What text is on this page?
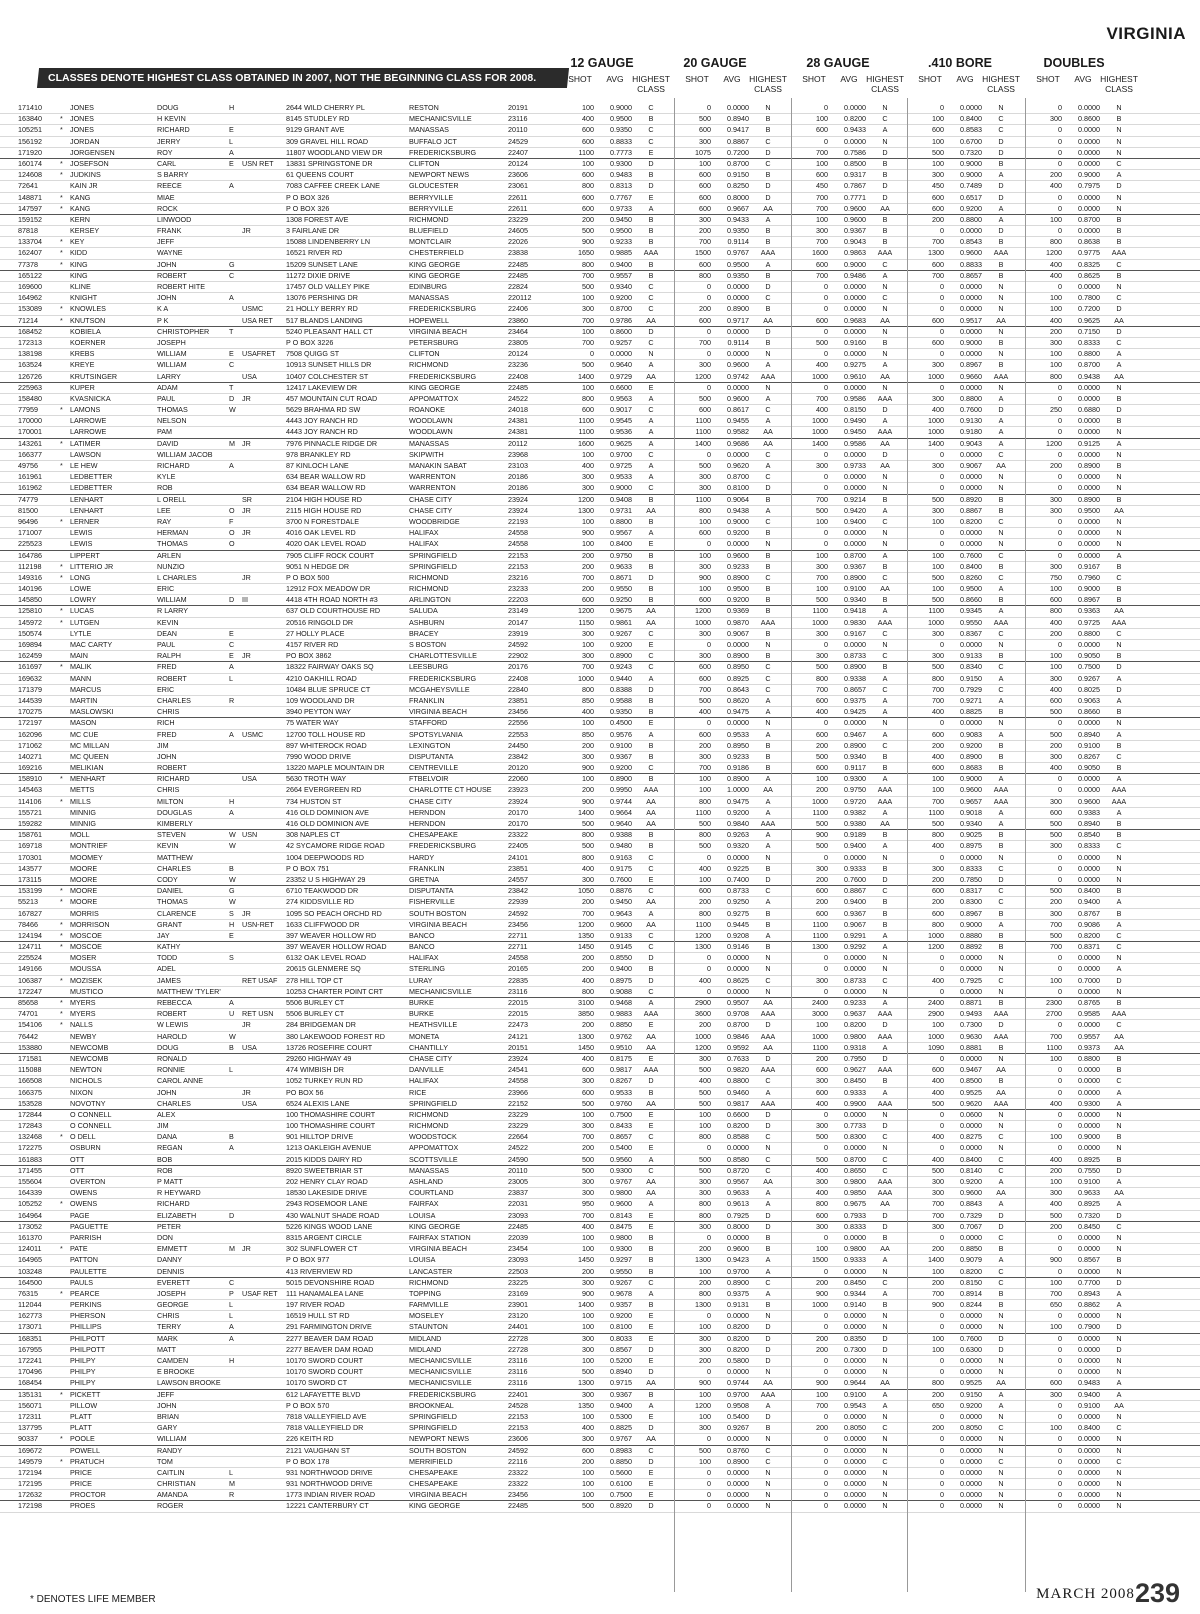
VIRGINIA
CLASSES DENOTE HIGHEST CLASS OBTAINED IN 2007, NOT THE BEGINNING CLASS FOR 2008.
12 GAUGE
SHOT	AVG HIGHEST CLASS
20 GAUGE
SHOT	AVG HIGHEST CLASS
28 GAUGE
SHOT	AVG HIGHEST CLASS
.410 BORE
SHOT	AVG HIGHEST CLASS
DOUBLES
SHOT	AVG HIGHEST CLASS
171410	JONES	DOUG	H	2644 WILD CHERRY PL	RESTON	20191	100	0.9000	C	0	0.0000	N	0	0.0000	N	0	0.0000	N	0	0.0000	N
163840	* JONES	H KEVIN	8145 STUDLEY RD	MECHANICSVILLE	23116	400	0.9500	B	500	0.8940	B	100	0.8200	C	100	0.8400	C	300	0.8600	B
105251	* JONES	RICHARD	E	9129 GRANT AVE	MANASSAS	20110	600	0.9350	C	600	0.9417	B	600	0.9433	A	600	0.8583	C	0	0.0000	N
156192	JORDAN	JERRY	L	309 GRAVEL HILL ROAD	BUFFALO JCT	24529	600	0.8833	C	300	0.8867	C	0	0.0000	N	100	0.6700	D	0	0.0000	N
171920	JORGENSEN	ROY	A	11807 WOODLAND VIEW DR	FREDERICKSBURG	22407	1100	0.7773	E	1075	0.7200	D	700	0.7586	D	500	0.7320	D	0	0.0000	N
160174	* JOSEFSON	CARL	E	USN RET	13831 SPRINGSTONE DR	CLIFTON	20124	100	0.9300	D	100	0.8700	C	100	0.8500	B	100	0.9000	B	0	0.0000	C
124608	* JUDKINS	S BARRY	61 QUEENS COURT	NEWPORT NEWS	23606	600	0.9483	B	600	0.9150	B	600	0.9317	B	300	0.9000	A	200	0.9000	A
72641	KAIN JR	REECE	A	7083 CAFFEE CREEK LANE	GLOUCESTER	23061	800	0.8313	D	600	0.8250	D	450	0.7867	D	450	0.7489	D	400	0.7975	D
148871	* KANG	MIAE	P O BOX 326	BERRYVILLE	22611	600	0.7767	E	600	0.8000	D	700	0.7771	D	600	0.6517	D	0	0.0000	N
147597	* KANG	ROCK	P O BOX 326	BERRYVILLE	22611	600	0.9733	A	600	0.9667	AA	700	0.9600	AA	600	0.9200	A	0	0.0000	N
159152	KERN	LINWOOD	1308 FOREST AVE	RICHMOND	23229	200	0.9450	B	300	0.9433	A	100	0.9600	B	200	0.8800	A	100	0.8700	B
87818	KERSEY	FRANK	JR	3 FAIRLANE DR	BLUEFIELD	24605	500	0.9500	B	200	0.9350	B	300	0.9367	B	0	0.0000	D	0	0.0000	B
133704	* KEY	JEFF	15088 LINDENBERRY LN	MONTCLAIR	22026	900	0.9233	B	700	0.9114	B	700	0.9043	B	700	0.8543	B	800	0.8638	B
162407	* KIDD	WAYNE	16521 RIVER RD	CHESTERFIELD	23838	1650	0.9885	AAA	1500	0.9767	AAA	1600	0.9863	AAA	1300	0.9600	AAA	1200	0.9775	AAA
77378	* KING	JOHN	G	15209 SUNSET LANE	KING GEORGE	22485	800	0.9400	B	600	0.9500	A	600	0.9000	C	600	0.8833	B	400	0.8325	C
165122	KING	ROBERT	C	11272 DIXIE DRIVE	KING GEORGE	22485	700	0.9557	B	800	0.9350	B	700	0.9486	A	700	0.8657	B	400	0.8625	B
169600	KLINE	ROBERT HITE	17457 OLD VALLEY PIKE	EDINBURG	22824	500	0.9340	C	0	0.0000	D	0	0.0000	N	0	0.0000	N	0	0.0000	N
164962	KNIGHT	JOHN	A	13076 PERSHING DR	MANASSAS	220112	100	0.9200	C	0	0.0000	C	0	0.0000	C	0	0.0000	N	100	0.7800	C
153089	* KNOWLES	K A	USMC	21 HOLLY BERRY RD	FREDERICKSBURG	22406	300	0.8700	C	200	0.8900	B	0	0.0000	N	0	0.0000	N	100	0.7200	D
71214	* KNUTSON	P K	USA RET	517 BLANDS LANDING	HOPEWELL	23860	700	0.9786	AA	600	0.9717	AA	600	0.9683	AA	600	0.9517	AA	400	0.9625	AA
168452	KOBIELA	CHRISTOPHER	T	5240 PLEASANT HALL CT	VIRGINIA BEACH	23464	100	0.8600	D	0	0.0000	D	0	0.0000	N	0	0.0000	N	200	0.7150	D
172313	KOERNER	JOSEPH	P O BOX 3226	PETERSBURG	23805	700	0.9257	C	700	0.9114	B	500	0.9160	B	600	0.9000	B	300	0.8333	C
138198	KREBS	WILLIAM	E	USAFRET	7508 QUIGG ST	CLIFTON	20124	0	0.0000	N	0	0.0000	N	0	0.0000	N	0	0.0000	N	100	0.8800	A
163524	KREYE	WILLIAM	C	10913 SUNSET HILLS DR	RICHMOND	23236	500	0.9640	A	300	0.9600	A	400	0.9275	A	300	0.8967	B	100	0.8700	A
126726	KRUTSINGER	LARRY	USA	10407 COLCHESTER ST	FREDERICKSBURG	22408	1400	0.9729	AA	1200	0.9742	AAA	1000	0.9610	AA	1000	0.9660	AAA	800	0.9438	AA
225963	KUPER	ADAM	T	12417 LAKEVIEW DR	KING GEORGE	22485	100	0.6600	E	0	0.0000	N	0	0.0000	N	0	0.0000	N	0	0.0000	N
158480	KVASNICKA	PAUL	D	JR	457 MOUNTAIN CUT ROAD	APPOMATTOX	24522	800	0.9563	A	500	0.9600	A	700	0.9586	AAA	300	0.8800	A	0	0.0000	B
77959	* LAMONS	THOMAS	W	5629 BRAHMA RD SW	ROANOKE	24018	600	0.9017	C	600	0.8617	C	400	0.8150	D	400	0.7600	D	250	0.6880	D
170000	LARROWE	NELSON	4443 JOY RANCH RD	WOODLAWN	24381	1100	0.9545	A	1100	0.9455	A	1000	0.9490	A	1000	0.9130	A	0	0.0000	B
170001	LARROWE	PAM	4443 JOY RANCH RD	WOODLAWN	24381	1100	0.9536	A	1100	0.9582	AA	1000	0.9450	AAA	1000	0.9180	A	0	0.0000	N
143261	* LATIMER	DAVID	M JR	7976 PINNACLE RIDGE DR	MANASSAS	20112	1600	0.9625	A	1400	0.9686	AA	1400	0.9586	AA	1400	0.9043	A	1200	0.9125	A
166377	LAWSON	WILLIAM JACOB	978 BRANKLEY RD	SKIPWITH	23968	100	0.9700	C	0	0.0000	C	0	0.0000	D	0	0.0000	C	0	0.0000	N
49756	* LE HEW	RICHARD	A	87 KINLOCH LANE	MANAKIN SABAT	23103	400	0.9725	A	500	0.9620	A	300	0.9733	AA	300	0.9067	AA	200	0.8900	B
161961	LEDBETTER	KYLE	634 BEAR WALLOW RD	WARRENTON	20186	300	0.9533	A	300	0.8700	C	0	0.0000	N	0	0.0000	N	0	0.0000	N
161962	LEDBETTER	ROB	634 BEAR WALLOW RD	WARRENTON	20186	300	0.9000	C	300	0.8100	D	0	0.0000	N	0	0.0000	N	0	0.0000	N
74779	LENHART	L ORELL	SR	2104 HIGH HOUSE RD	CHASE CITY	23924	1200	0.9408	B	1100	0.9064	B	700	0.9214	B	500	0.8920	B	300	0.8900	B
81500	LENHART	LEE	O	JR	2115 HIGH HOUSE RD	CHASE CITY	23924	1300	0.9731	AA	800	0.9438	A	500	0.9420	A	300	0.8867	B	300	0.9500	AA
96496	* LERNER	RAY	F	3700 N FORESTDALE	WOODBRIDGE	22193	100	0.8800	B	100	0.9000	C	100	0.9400	C	100	0.8200	C	0	0.0000	N
171007	LEWIS	HERMAN	O	JR	4016 OAK LEVEL RD	HALIFAX	24558	900	0.9567	A	600	0.9200	B	0	0.0000	N	0	0.0000	N	0	0.0000	N
225523	LEWIS	THOMAS	O	4020 OAK LEVEL ROAD	HALIFAX	24558	100	0.8400	E	0	0.0000	N	0	0.0000	N	0	0.0000	N	0	0.0000	N
164786	LIPPERT	ARLEN	7905 CLIFF ROCK COURT	SPRINGFIELD	22153	200	0.9750	B	100	0.9600	B	100	0.8700	A	100	0.7600	C	0	0.0000	A
112198	* LITTERIO JR	NUNZIO	9051 N HEDGE DR	SPRINGFIELD	22153	200	0.9633	B	300	0.9233	B	300	0.9367	B	100	0.8400	B	300	0.9167	B
149316	* LONG	L CHARLES	JR	P O BOX 500	RICHMOND	23216	700	0.8671	D	900	0.8900	C	700	0.8900	C	500	0.8260	C	750	0.7960	C
140196	LOWE	ERIC	12912 FOX MEADOW DR	RICHMOND	23233	200	0.9550	B	100	0.9500	B	100	0.9100	AA	100	0.9500	A	100	0.9000	B
145850	LOWRY	WILLIAM	D	III	4418 4TH ROAD NORTH #3	ARLINGTON	22203	600	0.9250	B	600	0.9200	B	500	0.9340	B	500	0.8660	B	600	0.8967	B
125810	* LUCAS	R LARRY	637 OLD COURTHOUSE RD	SALUDA	23149	1200	0.9675	AA	1200	0.9369	B	1100	0.9418	A	1100	0.9345	A	800	0.9363	AA
145972	* LUTGEN	KEVIN	20516 RINGOLD DR	ASHBURN	20147	1150	0.9861	AA	1000	0.9870	AAA	1000	0.9830	AAA	1000	0.9550	AAA	400	0.9725	AAA
150574	LYTLE	DEAN	E	27 HOLLY PLACE	BRACEY	23919	300	0.9267	C	300	0.9067	B	300	0.9167	C	300	0.8367	C	200	0.8800	C
169894	MAC CARTY	PAUL	C	4157 RIVER RD	S BOSTON	24592	100	0.9200	E	0	0.0000	N	0	0.0000	N	0	0.0000	N	0	0.0000	N
162459	MAIN	RALPH	E	JR	PO BOX 3862	CHARLOTTESVILLE	22902	300	0.8900	C	300	0.8900	B	300	0.8733	C	300	0.9133	B	100	0.9050	B
161697	* MALIK	FRED	A	18322 FAIRWAY OAKS SQ	LEESBURG	20176	700	0.9243	C	600	0.8950	C	500	0.8900	B	500	0.8340	C	100	0.7500	D
169632	MANN	ROBERT	L	4210 OAKHILL ROAD	FREDERICKSBURG	22408	1000	0.9440	A	600	0.8925	C	800	0.9338	A	800	0.9150	A	300	0.9267	A
171379	MARCUS	ERIC	10484 BLUE SPRUCE CT	MCGAHEYSVILLE	22840	800	0.8388	D	700	0.8643	C	700	0.8657	C	700	0.7929	C	400	0.8025	D
144539	MARTIN	CHARLES	R	109 WOODLAND DR	FRANKLIN	23851	850	0.9588	B	500	0.8620	A	600	0.9375	A	700	0.9271	A	600	0.9063	A
170275	MASLOWSKI	CHRIS	3940 PEYTON WAY	VIRGINIA BEACH	23456	400	0.9350	B	400	0.9475	A	400	0.9425	A	400	0.8825	B	500	0.8660	B
172197	MASON	RICH	75 WATER WAY	STAFFORD	22556	100	0.4500	E	0	0.0000	N	0	0.0000	N	0	0.0000	N	0	0.0000	N
162096	MC CUE	FRED	A	USMC	12700 TOLL HOUSE RD	SPOTSYLVANIA	22553	850	0.9576	A	600	0.9533	A	600	0.9467	A	600	0.9083	A	500	0.8940	A
171062	MC MILLAN	JIM	897 WHITEROCK ROAD	LEXINGTON	24450	200	0.9100	B	200	0.8950	B	200	0.8900	C	200	0.9200	B	200	0.9100	B
140271	MC QUEEN	JOHN	7990 WOOD DRIVE	DISPUTANTA	23842	300	0.9367	B	300	0.9233	B	500	0.9340	B	400	0.8900	B	300	0.8267	C
169216	MELIKIAN	ROBERT	13220 MAPLE MOUNTAIN DR	CENTREVILLE	20120	900	0.9200	C	700	0.9186	B	600	0.9117	B	600	0.8683	B	400	0.9050	B
158910	* MENHART	RICHARD	USA	5630 TROTH WAY	FTBELVOIR	22060	100	0.8900	B	100	0.8900	A	100	0.9300	A	100	0.9000	A	0	0.0000	A
145463	METTS	CHRIS	2664 EVERGREEN RD	CHARLOTTE CT HOUSE	23923	200	0.9950	AAA	100	1.0000	AA	200	0.9750	AAA	100	0.9600	AAA	0	0.0000	AAA
114106	* MILLS	MILTON	H	734 HUSTON ST	CHASE CITY	23924	900	0.9744	AA	800	0.9475	A	1000	0.9720	AAA	700	0.9657	AAA	300	0.9600	AAA
155721	MINNIG	DOUGLAS	A	416 OLD DOMINION AVE	HERNDON	20170	1400	0.9664	AA	1100	0.9200	A	1100	0.9382	A	1100	0.9018	A	600	0.9383	A
159282	MINNIG	KIMBERLY	416 OLD DOMINION AVE	HERNDON	20170	500	0.9640	AA	500	0.9840	AAA	500	0.9380	AA	500	0.9340	A	500	0.8940	B
158761	MOLL	STEVEN	W USN	308 NAPLES CT	CHESAPEAKE	23322	800	0.9388	B	800	0.9263	A	900	0.9189	B	800	0.9025	B	500	0.8540	B
169718	MONTRIEF	KEVIN	W	42 SYCAMORE RIDGE ROAD	FREDERICKSBURG	22405	500	0.9480	B	500	0.9320	A	500	0.9400	A	400	0.8975	B	300	0.8333	C
170301	MOOMEY	MATTHEW	1004 DEEPWOODS RD	HARDY	24101	800	0.9163	C	0	0.0000	N	0	0.0000	N	0	0.0000	N	0	0.0000	N
143577	MOORE	CHARLES	B	P O BOX 751	FRANKLIN	23851	400	0.9175	C	400	0.9225	B	300	0.9333	B	300	0.8333	C	0	0.0000	N
173115	MOORE	CODY	W	23352 U S HIGHWAY 29	GRETNA	24557	300	0.7600	E	100	0.7400	D	200	0.7600	D	200	0.7850	D	0	0.0000	N
153199	* MOORE	DANIEL	G	6710 TEAKWOOD DR	DISPUTANTA	23842	1050	0.8876	C	600	0.8733	C	600	0.8867	C	600	0.8317	C	500	0.8400	B
55213	* MOORE	THOMAS	W	274 KIDDSVILLE RD	FISHERVILLE	22939	200	0.9450	AA	200	0.9250	A	200	0.9400	B	200	0.8300	C	200	0.9400	A
167827	MORRIS	CLARENCE	S	JR	1095 SO PEACH ORCHD RD	SOUTH BOSTON	24592	700	0.9643	A	800	0.9275	B	600	0.9367	B	600	0.8967	B	300	0.8767	B
78466	* MORRISON	GRANT	H	USN-RET	1633 CLIFFWOOD DR	VIRGINIA BEACH	23456	1200	0.9600	AA	1100	0.9445	B	1100	0.9067	B	800	0.9000	A	700	0.9086	A
124194	* MOSCOE	JAY	E	397 WEAVER HOLLOW RD	BANCO	22711	1350	0.9133	C	1200	0.9208	A	1100	0.9291	A	1000	0.8880	B	500	0.8200	C
124711	* MOSCOE	KATHY	397 WEAVER HOLLOW ROAD	BANCO	22711	1450	0.9145	C	1300	0.9146	B	1300	0.9292	A	1200	0.8892	B	700	0.8371	C
225524	MOSER	TODD	S	6132 OAK LEVEL ROAD	HALIFAX	24558	200	0.8550	D	0	0.0000	N	0	0.0000	N	0	0.0000	N	0	0.0000	N
149166	MOUSSA	ADEL	20615 GLENMERE SQ	STERLING	20165	200	0.9400	B	0	0.0000	N	0	0.0000	N	0	0.0000	N	0	0.0000	A
106387	* MOZISEK	JAMES	RET USAF	278 HILL TOP CT	LURAY	22835	400	0.8975	D	400	0.8625	C	300	0.8733	C	400	0.7925	C	100	0.7000	D
172247	MUSTICO	MATTHEW 'TYLER'	10253 CHARTER POINT CRT	MECHANICSVILLE	23116	800	0.9088	C	0	0.0000	N	0	0.0000	N	0	0.0000	N	0	0.0000	N
85658	* MYERS	REBECCA	A	5506 BURLEY CT	BURKE	22015	3100	0.9468	A	2900	0.9507	AA	2400	0.9233	A	2400	0.8871	B	2300	0.8765	B
74701	* MYERS	ROBERT	U	RET USN	5506 BURLEY CT	BURKE	22015	3850	0.9883	AAA	3600	0.9708	AAA	3000	0.9637	AAA	2900	0.9493	AAA	2700	0.9585	AAA
154106	* NALLS	W LEWIS	JR	284 BRIDGEMAN DR	HEATHSVILLE	22473	200	0.8850	E	200	0.8700	D	100	0.8200	D	100	0.7300	D	0	0.0000	C
76442	NEWBY	HAROLD	W	380 LAKEWOOD FOREST RD	MONETA	24121	1300	0.9762	AA	1000	0.9846	AAA	1000	0.9800	AAA	1000	0.9630	AAA	700	0.9557	AA
153880	NEWCOMB	DOUG	B	USA	13726 ROSEFIRE COURT	CHANTILLY	20151	1450	0.9510	AA	1200	0.9592	AA	1100	0.9318	A	1090	0.8881	B	1100	0.9373	AA
171581	NEWCOMB	RONALD	29260 HIGHWAY 49	CHASE CITY	23924	400	0.8175	E	300	0.7633	D	200	0.7950	D	0	0.0000	N	100	0.8800	B
115088	NEWTON	RONNIE	L	474 WIMBISH DR	DANVILLE	24541	600	0.9817	AAA	500	0.9820	AAA	600	0.9627	AAA	600	0.9467	AA	0	0.0000	B
166508	NICHOLS	CAROL ANNE	1052 TURKEY RUN RD	HALIFAX	24558	300	0.8267	D	400	0.8800	C	300	0.8450	B	400	0.8500	B	0	0.0000	C
166375	NIXON	JOHN	JR	PO BOX 56	RICE	23966	600	0.9533	B	500	0.9460	A	600	0.9333	A	400	0.9525	AA	0	0.0000	A
153528	NOVOTNY	CHARLES	USA	6524 ALEXIS LANE	SPRINGFIELD	22152	500	0.9760	AA	500	0.9817	AAA	400	0.9900	AAA	500	0.9620	AAA	400	0.9300	A
172844	O CONNELL	ALEX	100 THOMASHIRE COURT	RICHMOND	23229	100	0.7500	E	100	0.6600	D	0	0.0000	N	0	0.0600	N	0	0.0000	N
172843	O CONNELL	JIM	100 THOMASHIRE COURT	RICHMOND	23229	300	0.8433	E	100	0.8200	D	300	0.7733	D	0	0.0000	N	0	0.0000	N
132468	* O DELL	DANA	B	901 HILLTOP DRIVE	WOODSTOCK	22664	700	0.8657	C	800	0.8588	C	500	0.8300	C	400	0.8275	C	100	0.9000	B
172275	OSBURN	REGAN	A	1213 OAKLEIGH AVENUE	APPOMATTOX	24522	200	0.5400	E	0	0.0000	N	0	0.0000	N	0	0.0000	N	0	0.0000	N
161883	OTT	BOB	2015 KIDDS DAIRY RD	SCOTTSVILLE	24590	500	0.9560	A	500	0.8580	C	500	0.8700	C	400	0.8400	C	400	0.8925	B
171455	OTT	ROB	8920 SWEETBRIAR ST	MANASSAS	20110	500	0.9300	C	500	0.8720	C	400	0.8650	C	500	0.8140	C	200	0.7550	D
155604	OVERTON	P MATT	202 HENRY CLAY ROAD	ASHLAND	23005	300	0.9767	AA	300	0.9567	AA	300	0.9800	AAA	300	0.9200	A	100	0.9100	A
164339	OWENS	R HEYWARD	18530 LAKESIDE DRIVE	COURTLAND	23837	300	0.9800	AA	300	0.9633	A	400	0.9850	AAA	300	0.9600	AA	300	0.9633	AA
105252	* OWENS	RICHARD	2943 ROSEMOOR LANE	FAIRFAX	22031	950	0.9600	A	800	0.9613	A	800	0.9675	AA	700	0.8843	A	400	0.8925	A
164964	PAGE	ELIZABETH	D	430 WALNUT SHADE ROAD	LOUISA	23093	700	0.8143	E	800	0.7925	D	600	0.7933	D	700	0.7329	D	500	0.7320	D
173052	PAGUETTE	PETER	5226 KINGS WOOD LANE	KING GEORGE	22485	400	0.8475	E	300	0.8000	D	300	0.8333	D	300	0.7067	D	200	0.8450	C
161370	PARRISH	DON	8315 ARGENT CIRCLE	FAIRFAX STATION	22039	100	0.9800	B	0	0.0000	B	0	0.0000	B	0	0.0000	C	0	0.0000	N
124011	* PATE	EMMETT	M JR	302 SUNFLOWER CT	VIRGINIA BEACH	23454	100	0.9300	B	200	0.9600	B	100	0.9800	AA	200	0.8850	B	0	0.0000	N
164965	PATTON	DANNY	P O BOX 977	LOUISA	23093	1450	0.9297	B	1300	0.9423	A	1500	0.9333	A	1400	0.9079	A	900	0.8567	B
103248	PAULETTE	DENNIS	413 RIVERVIEW RD	LANCASTER	22503	200	0.9550	B	100	0.9700	A	0	0.0000	N	100	0.8200	C	0	0.0000	N
164500	PAULS	EVERETT	C	5015 DEVONSHIRE ROAD	RICHMOND	23225	300	0.9267	C	200	0.8900	C	200	0.8450	C	200	0.8150	C	100	0.7700	D
76315	* PEARCE	JOSEPH	P	USAF RET	111 HANAMALEA LANE	TOPPING	23169	900	0.9678	A	800	0.9375	A	900	0.9344	A	700	0.8914	B	700	0.8943	A
112044	PERKINS	GEORGE	L	197 RIVER ROAD	FARMVILLE	23901	1400	0.9357	B	1300	0.9131	B	1000	0.9140	B	900	0.8244	B	650	0.8862	A
162773	PHERSON	CHRIS	L	16519 HULL ST RD	MOSELEY	23120	100	0.9200	E	0	0.0000	N	0	0.0000	N	0	0.0000	N	0	0.0000	N
173071	PHILLIPS	TERRY	A	291 FARMINGTON DRIVE	STAUNTON	24401	100	0.8100	E	100	0.8200	D	0	0.0000	N	0	0.0000	N	100	0.7900	D
168351	PHILPOTT	MARK	A	2277 BEAVER DAM ROAD	MIDLAND	22728	300	0.8033	E	300	0.8200	D	200	0.8350	D	100	0.7600	D	0	0.0000	N
167955	PHILPOTT	MATT	2277 BEAVER DAM ROAD	MIDLAND	22728	300	0.8567	D	300	0.8200	D	200	0.7300	D	100	0.6300	D	0	0.0000	D
172241	PHILPY	CAMDEN	H	10170 SWORD COURT	MECHANICSVILLE	23116	100	0.5200	E	200	0.5800	D	0	0.0000	N	0	0.0000	N	0	0.0000	N
170496	PHILPY	E BROOKE	10170 SWORD COURT	MECHANICSVILLE	23116	500	0.8940	D	0	0.0000	N	0	0.0000	N	0	0.0000	N	0	0.0000	N
168454	PHILPY	LAWSON BROOKE	10170 SWORD CT	MECHANICSVILLE	23116	1300	0.9715	AA	900	0.9744	AA	900	0.9644	AA	800	0.9525	AA	600	0.9483	A
135131	* PICKETT	JEFF	612 LAFAYETTE BLVD	FREDERICKSBURG	22401	300	0.9367	B	100	0.9700	AAA	100	0.9100	A	200	0.9150	A	300	0.9400	A
156071	PILLOW	JOHN	P O BOX 570	BROOKNEAL	24528	1350	0.9400	A	1200	0.9508	A	700	0.9543	A	650	0.9200	A	0	0.9100	AA
172311	PLATT	BRIAN	7818 VALLEYFIELD AVE	SPRINGFIELD	22153	100	0.5300	E	100	0.5400	D	0	0.0000	N	0	0.0000	N	0	0.0000	N
137795	PLATT	GARY	7818 VALLEYFIELD DR	SPRINGFIELD	22153	400	0.8825	D	300	0.9267	B	200	0.8050	C	200	0.8050	C	100	0.8400	C
90337	* POOLE	WILLIAM	226 KEITH RD	NEWPORT NEWS	23606	300	0.9767	AA	0	0.0000	N	0	0.0000	N	0	0.0000	N	0	0.0000	N
169672	POWELL	RANDY	2121 VAUGHAN ST	SOUTH BOSTON	24592	600	0.8983	C	500	0.8760	C	0	0.0000	N	0	0.0000	N	0	0.0000	N
149579	* PRATUCH	TOM	P O BOX 178	MERRIFIELD	22116	200	0.8850	D	100	0.8900	C	0	0.0000	C	0	0.0000	C	0	0.0000	C
172194	PRICE	CAITLIN	L	931 NORTHWOOD DRIVE	CHESAPEAKE	23322	100	0.5600	E	0	0.0000	N	0	0.0000	N	0	0.0000	N	0	0.0000	N
172195	PRICE	CHRISTIAN	M	931 NORTHWOOD DRIVE	CHESAPEAKE	23322	100	0.6100	E	0	0.0000	N	0	0.0000	N	0	0.0000	N	0	0.0000	N
172632	PROCTOR	AMANDA	R	1773 INDIAN RIVER ROAD	VIRGINIA BEACH	23456	100	0.7500	E	0	0.0000	N	0	0.0000	N	0	0.0000	N	0	0.0000	N
172198	PROES	ROGER	12221 CANTERBURY CT	KING GEORGE	22485	500	0.8920	D	0	0.0000	N	0	0.0000	N	0	0.0000	N	0	0.0000	N
* DENOTES LIFE MEMBER	MARCH 2008239
